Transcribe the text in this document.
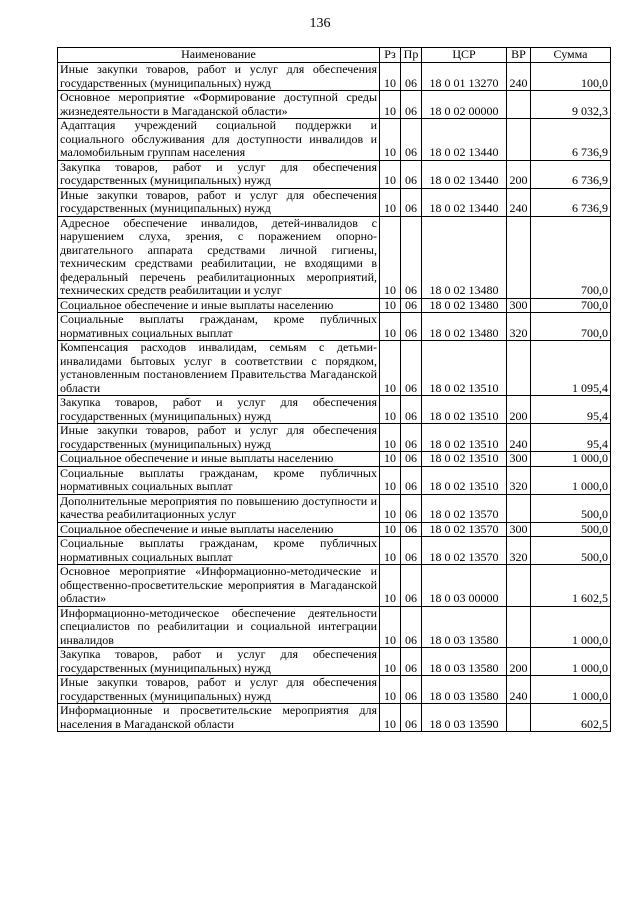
136
Наименование	Рз	Пр	ЦСР	ВР	Сумма
Иные закупки товаров, работ и услуг для обеспечения государственных (муниципальных) нужд	10	06	18 0 01 13270	240	100,0
Основное мероприятие «Формирование доступной среды жизнедеятельности в Магаданской области»	10	06	18 0 02 00000		9 032,3
Адаптация учреждений социальной поддержки и социального обслуживания для доступности инвалидов и маломобильным группам населения	10	06	18 0 02 13440		6 736,9
Закупка товаров, работ и услуг для обеспечения государственных (муниципальных) нужд	10	06	18 0 02 13440	200	6 736,9
Иные закупки товаров, работ и услуг для обеспечения государственных (муниципальных) нужд	10	06	18 0 02 13440	240	6 736,9
Адресное обеспечение инвалидов, детей-инвалидов с нарушением слуха, зрения, с поражением опорно-двигательного аппарата средствами личной гигиены, техническим средствами реабилитации, не входящими в федеральный перечень реабилитационных мероприятий, технических средств реабилитации и услуг	10	06	18 0 02 13480		700,0
Социальное обеспечение и иные выплаты населению	10	06	18 0 02 13480	300	700,0
Социальные выплаты гражданам, кроме публичных нормативных социальных выплат	10	06	18 0 02 13480	320	700,0
Компенсация расходов инвалидам, семьям с детьми-инвалидами бытовых услуг в соответствии с порядком, установленным постановлением Правительства Магаданской области	10	06	18 0 02 13510		1 095,4
Закупка товаров, работ и услуг для обеспечения государственных (муниципальных) нужд	10	06	18 0 02 13510	200	95,4
Иные закупки товаров, работ и услуг для обеспечения государственных (муниципальных) нужд	10	06	18 0 02 13510	240	95,4
Социальное обеспечение и иные выплаты населению	10	06	18 0 02 13510	300	1 000,0
Социальные выплаты гражданам, кроме публичных нормативных социальных выплат	10	06	18 0 02 13510	320	1 000,0
Дополнительные мероприятия по повышению доступности и качества реабилитационных услуг	10	06	18 0 02 13570		500,0
Социальное обеспечение и иные выплаты населению	10	06	18 0 02 13570	300	500,0
Социальные выплаты гражданам, кроме публичных нормативных социальных выплат	10	06	18 0 02 13570	320	500,0
Основное мероприятие «Информационно-методические и общественно-просветительские мероприятия в Магаданской области»	10	06	18 0 03 00000		1 602,5
Информационно-методическое обеспечение деятельности специалистов по реабилитации и социальной интеграции инвалидов	10	06	18 0 03 13580		1 000,0
Закупка товаров, работ и услуг для обеспечения государственных (муниципальных) нужд	10	06	18 0 03 13580	200	1 000,0
Иные закупки товаров, работ и услуг для обеспечения государственных (муниципальных) нужд	10	06	18 0 03 13580	240	1 000,0
Информационные и просветительские мероприятия для населения в Магаданской области	10	06	18 0 03 13590		602,5
